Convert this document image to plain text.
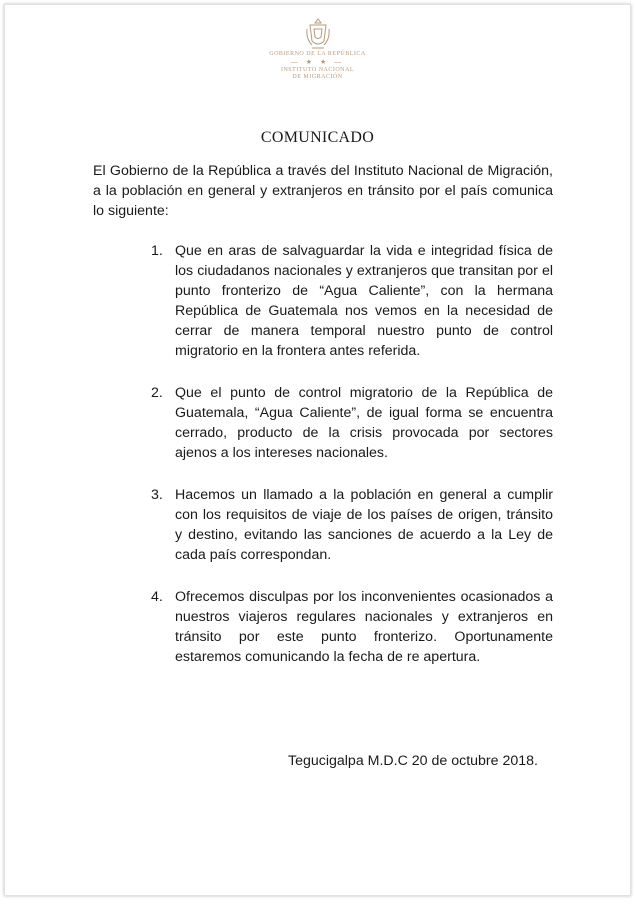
GOBIERNO DE LA REPÚBLICA
— ★ ★ —
INSTITUTO NACIONAL
DE MIGRACIÓN
COMUNICADO
El Gobierno de la República a través del Instituto Nacional de Migración, a la población en general y extranjeros en tránsito por el país comunica lo siguiente:
1. Que en aras de salvaguardar la vida e integridad física de los ciudadanos nacionales y extranjeros que transitan por el punto fronterizo de “Agua Caliente”, con la hermana República de Guatemala nos vemos en la necesidad de cerrar de manera temporal nuestro punto de control migratorio en la frontera antes referida.
2. Que el punto de control migratorio de la República de Guatemala, “Agua Caliente”, de igual forma se encuentra cerrado, producto de la crisis provocada por sectores ajenos a los intereses nacionales.
3. Hacemos un llamado a la población en general a cumplir con los requisitos de viaje de los países de origen, tránsito y destino, evitando las sanciones de acuerdo a la Ley de cada país correspondan.
4. Ofrecemos disculpas por los inconvenientes ocasionados a nuestros viajeros regulares nacionales y extranjeros en tránsito por este punto fronterizo. Oportunamente estaremos comunicando la fecha de re apertura.
Tegucigalpa M.D.C 20 de octubre 2018.
